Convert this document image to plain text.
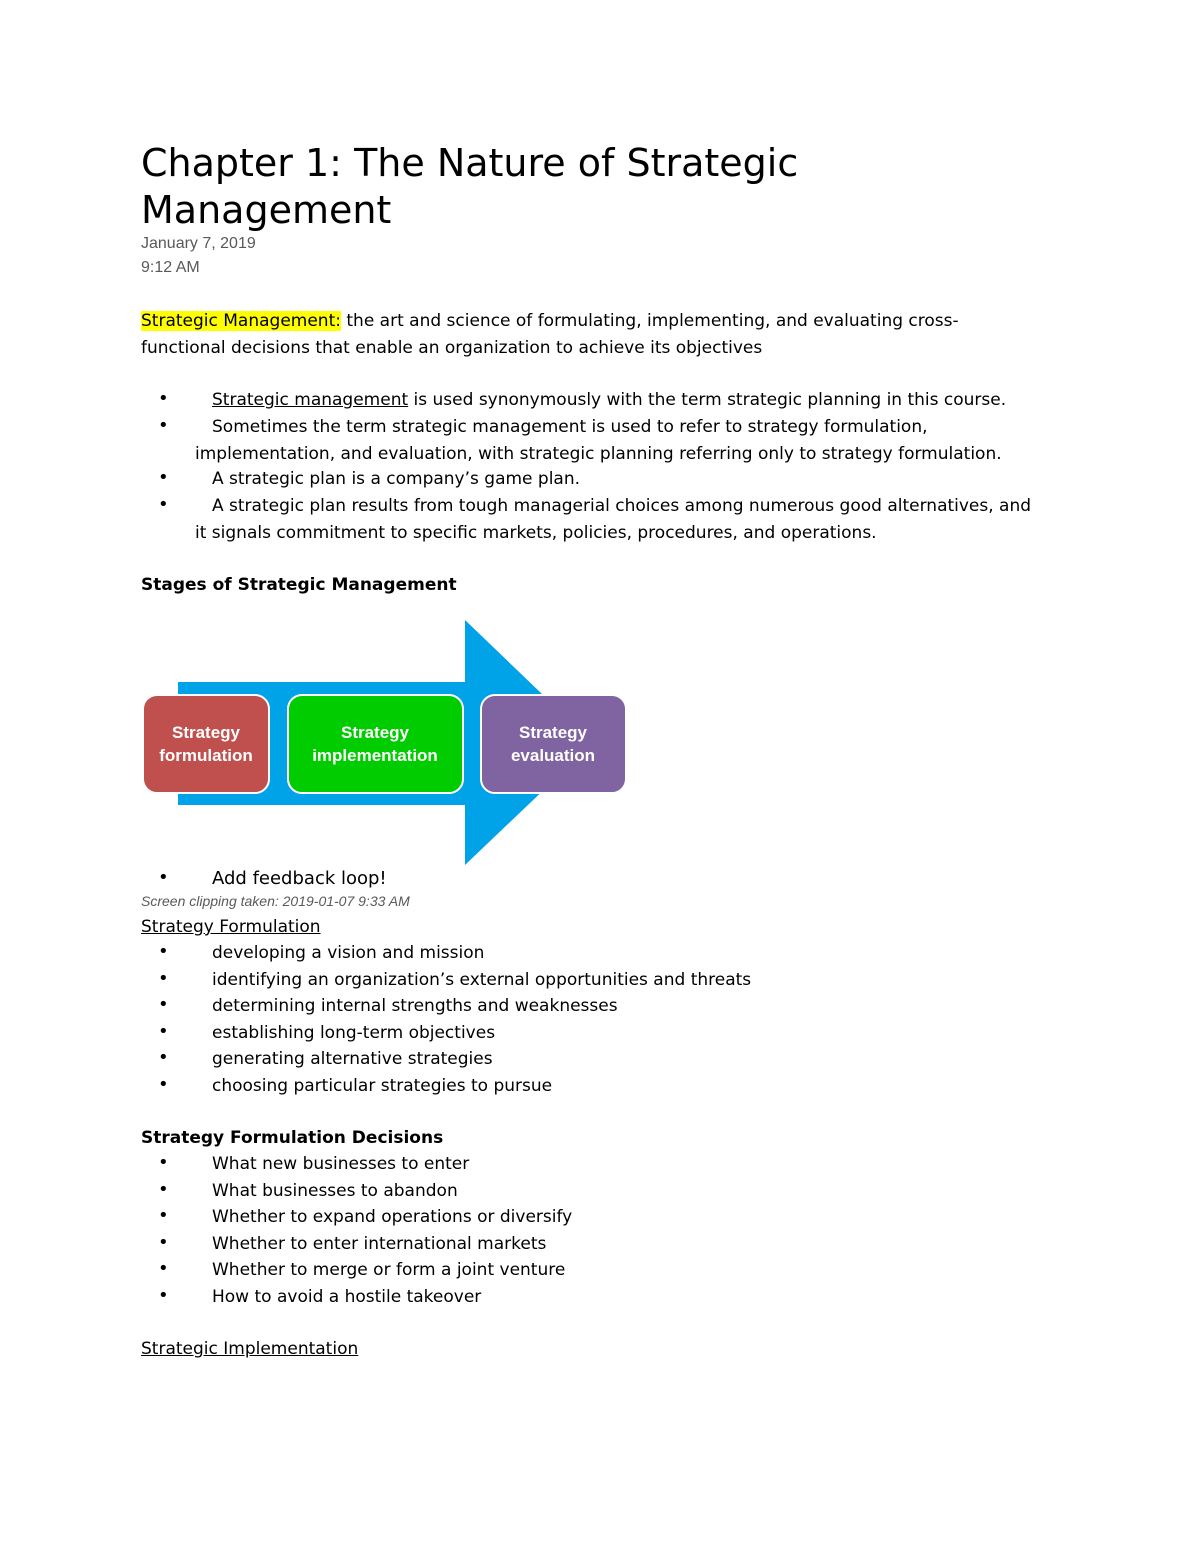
Chapter 1: The Nature of Strategic Management
January 7, 2019
9:12 AM
Strategic Management: the art and science of formulating, implementing, and evaluating cross-
functional decisions that enable an organization to achieve its objectives
•	Strategic management is used synonymously with the term strategic planning in this course.
•	Sometimes the term strategic management is used to refer to strategy formulation,
implementation, and evaluation, with strategic planning referring only to strategy formulation.
•	A strategic plan is a company’s game plan.
•	A strategic plan results from tough managerial choices among numerous good alternatives, and
it signals commitment to specific markets, policies, procedures, and operations.
Stages of Strategic Management
Strategy
formulation
Strategy
implementation
Strategy
evaluation
• Add feedback loop!
Screen clipping taken: 2019-01-07 9:33 AM
Strategy Formulation
•	developing a vision and mission
•	identifying an organization’s external opportunities and threats
•	determining internal strengths and weaknesses
•	establishing long-term objectives
•	generating alternative strategies
•	choosing particular strategies to pursue
Strategy Formulation Decisions
•	What new businesses to enter
•	What businesses to abandon
•	Whether to expand operations or diversify
•	Whether to enter international markets
•	Whether to merge or form a joint venture
•	How to avoid a hostile takeover
Strategic Implementation
